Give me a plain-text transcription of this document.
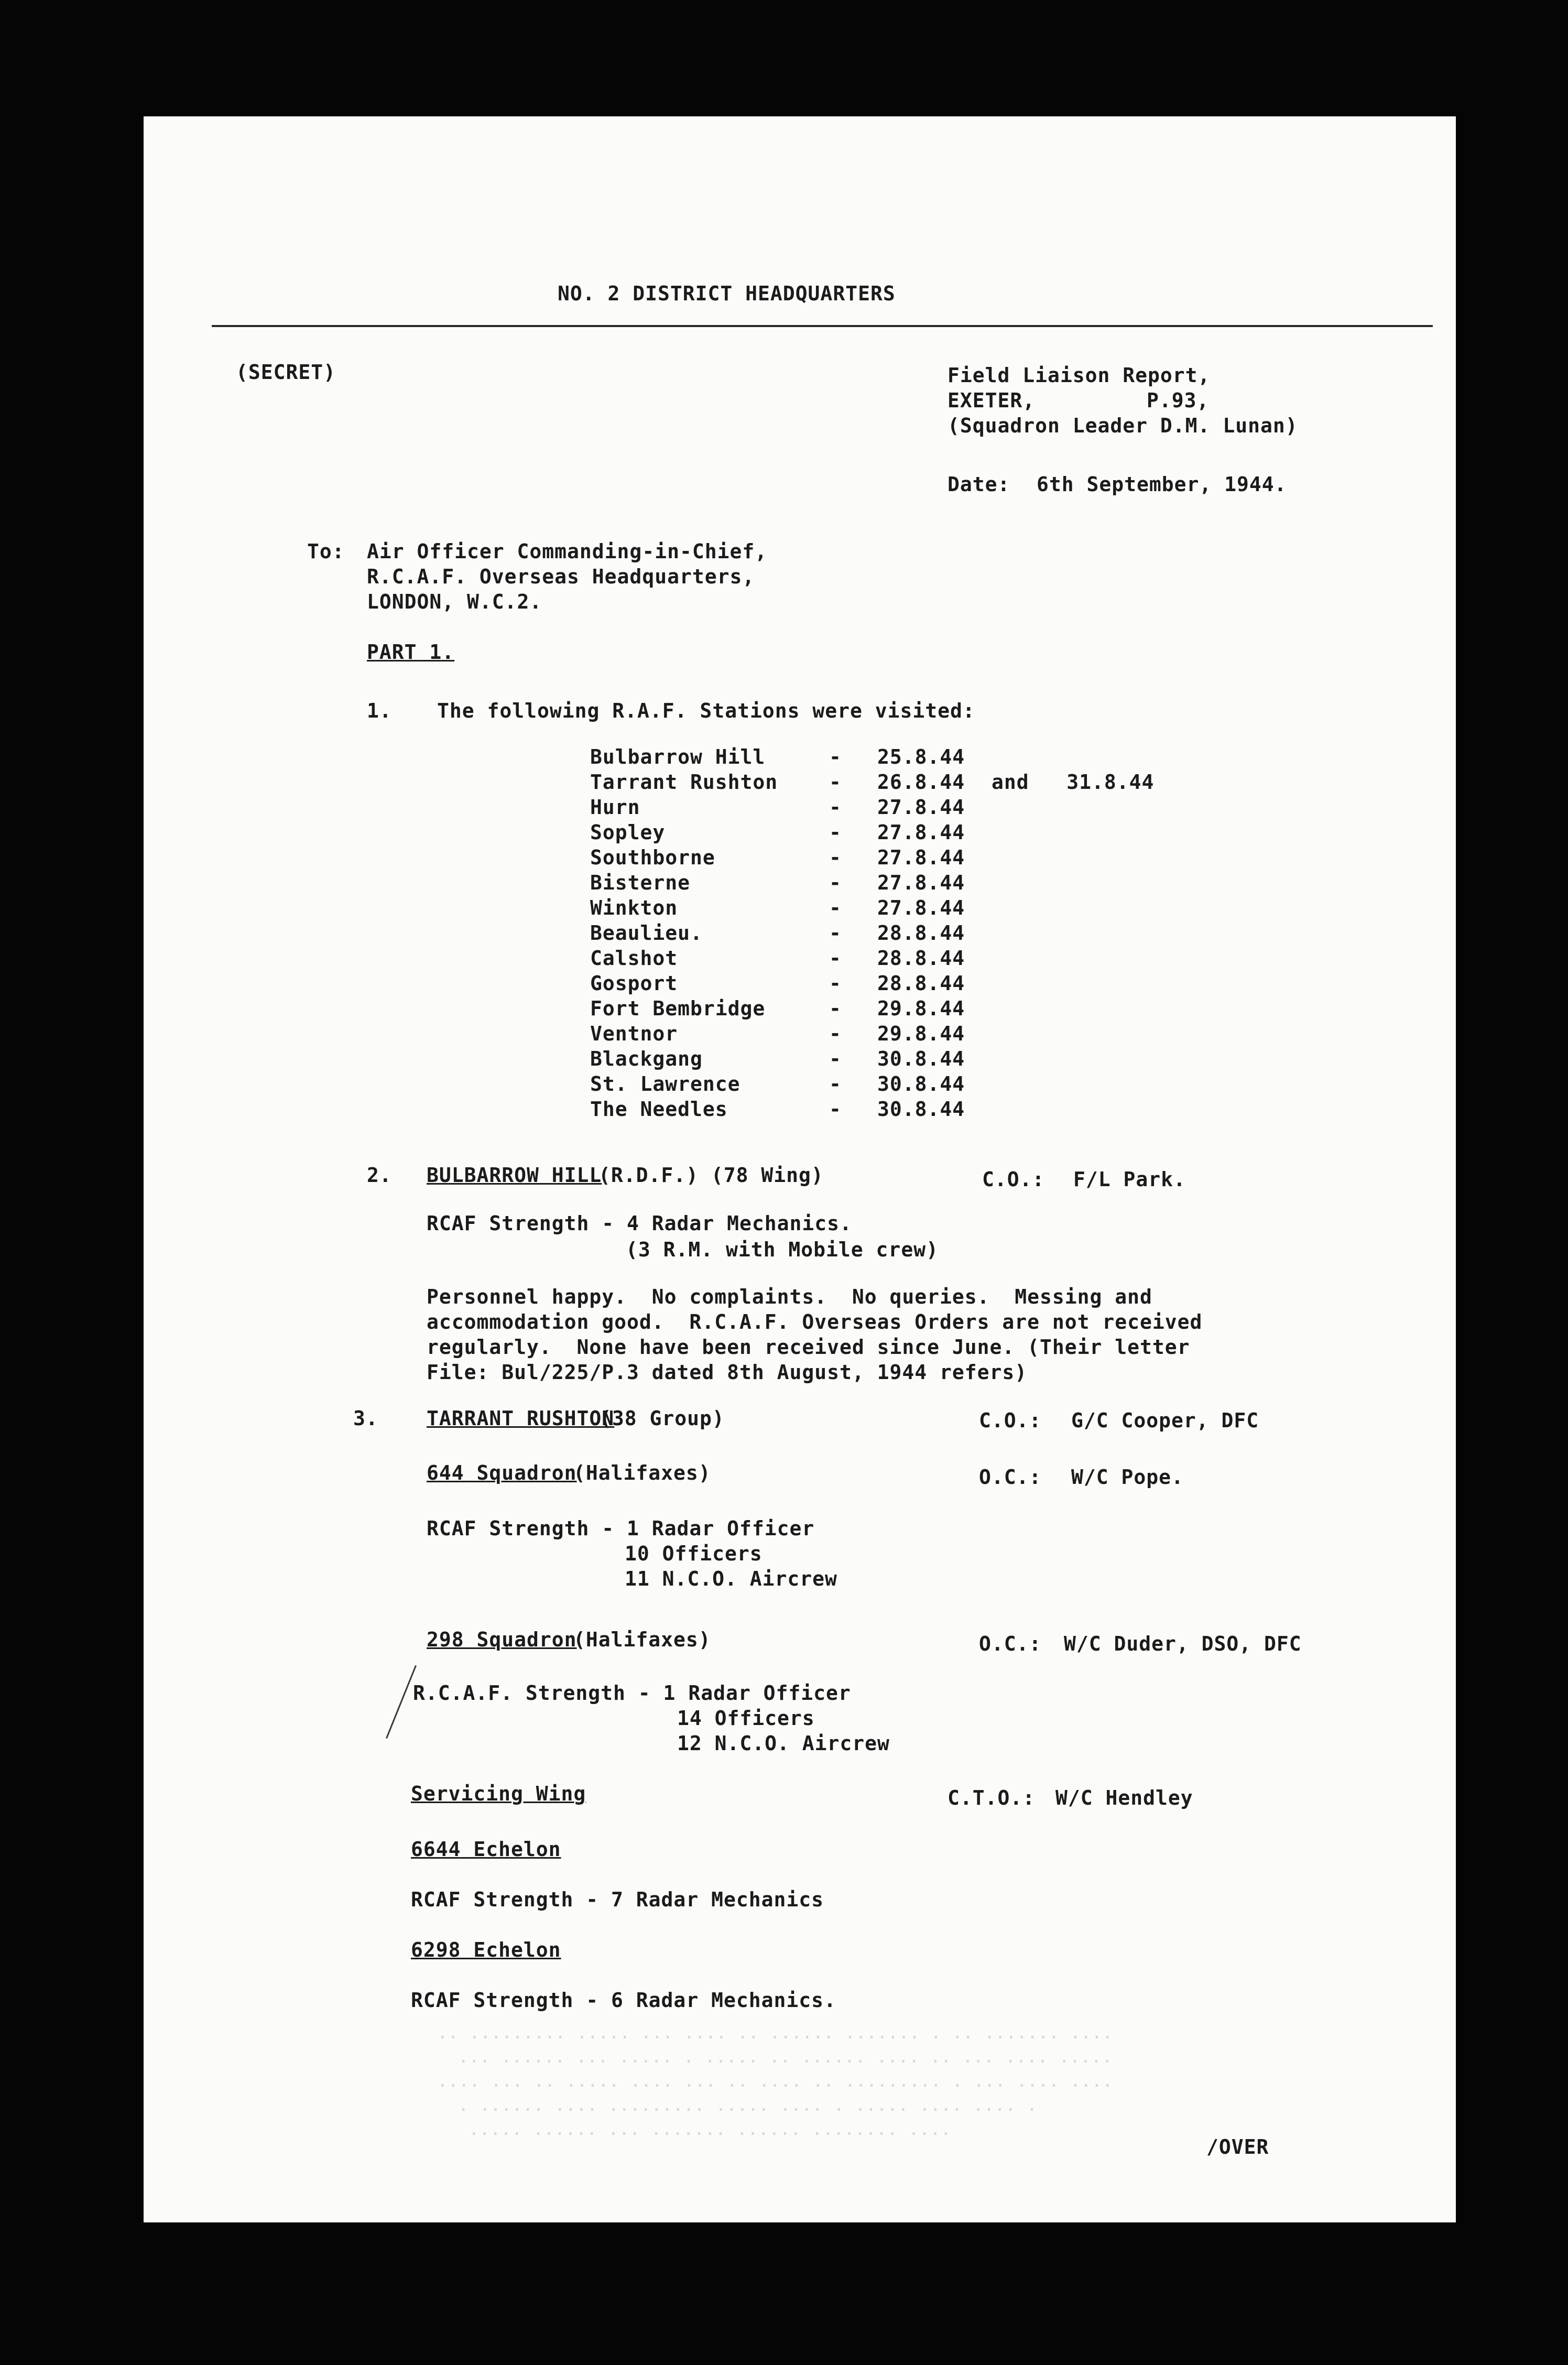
NO. 2 DISTRICT HEADQUARTERS
(SECRET)	Field Liaison Report,
EXETER,	P.93,
(Squadron Leader D.M. Lunan)
Date: 6th September, 1944.
To: Air Officer Commanding-in-Chief,
R.C.A.F. Overseas Headquarters,
LONDON, W.C.2.
PART 1.
1. The following R.A.F. Stations were visited:
Bulbarrow Hill	- 25.8.44
Tarrant Rushton	- 26.8.44 and   31.8.44
Hurn	- 27.8.44
Sopley	- 27.8.44
Southborne	- 27.8.44
Bisterne	- 27.8.44
Winkton	- 27.8.44
Beaulieu.	- 28.8.44
Calshot	- 28.8.44
Gosport	- 28.8.44
Fort Bembridge	- 29.8.44
Ventnor	- 29.8.44
Blackgang	- 30.8.44
St. Lawrence	- 30.8.44
The Needles	- 30.8.44
2. BULBARROW HILL
(R.D.F.) (78 Wing)	C.O.: F/L Park.
RCAF Strength - 4 Radar Mechanics.
(3 R.M. with Mobile crew)
Personnel happy.  No complaints.  No queries.  Messing and
accommodation good.  R.C.A.F. Overseas Orders are not received
regularly.  None have been received since June. (Their letter
File: Bul/225/P.3 dated 8th August, 1944 refers)
3. TARRANT RUSHTON
(38 Group)	C.O.: G/C Cooper, DFC
644 Squadron
(Halifaxes)	O.C.: W/C Pope.
RCAF Strength - 1 Radar Officer
10 Officers
11 N.C.O. Aircrew
298 Squadron
(Halifaxes)	O.C.: W/C Duder, DSO, DFC
R.C.A.F. Strength - 1 Radar Officer
14 Officers
12 N.C.O. Aircrew
Servicing Wing	C.T.O.: W/C Hendley
6644 Echelon
RCAF Strength - 7 Radar Mechanics
6298 Echelon
RCAF Strength - 6 Radar Mechanics.
.. ......... ..... ... .... .. ...... ....... . .. ....... ....
... ...... ... ..... . ..... .. ...... .... .. ... .... .....
.... ... .. ..... .... ... .. .... .. ......... . ... .... ....
. ...... .... ......... ..... .... . ..... .... .... .
..... ...... ... ....... ...... ........ ....
/OVER
